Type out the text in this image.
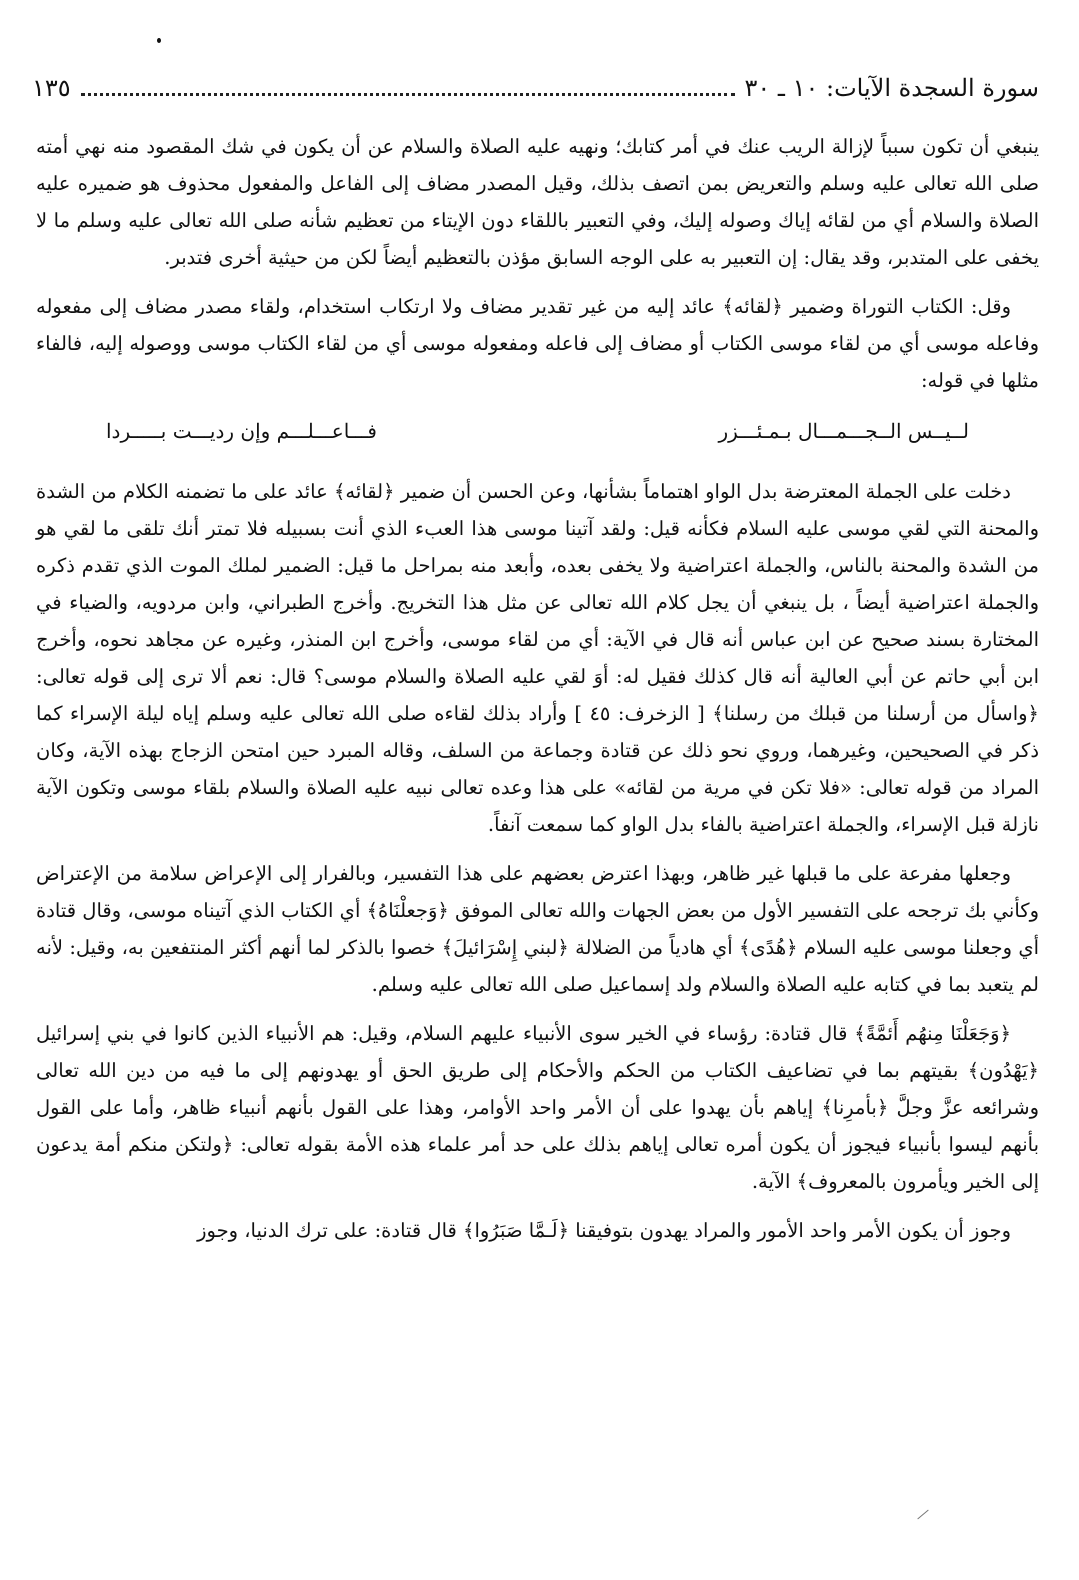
سورة السجدة الآيات: ١٠ ـ ٣٠
١٣٥

ينبغي أن تكون سبباً لإزالة الريب عنك في أمر كتابك؛ ونهيه عليه الصلاة والسلام عن أن يكون في شك المقصود منه نهي أمته صلى الله تعالى عليه وسلم والتعريض بمن اتصف بذلك، وقيل المصدر مضاف إلى الفاعل والمفعول محذوف هو ضميره عليه الصلاة والسلام أي من لقائه إياك وصوله إليك، وفي التعبير باللقاء دون الإيتاء من تعظيم شأنه صلى الله تعالى عليه وسلم ما لا يخفى على المتدبر، وقد يقال: إن التعبير به على الوجه السابق مؤذن بالتعظيم أيضاً لكن من حيثية أخرى فتدبر.

وقل: الكتاب التوراة وضمير ﴿لقائه﴾ عائد إليه من غير تقدير مضاف ولا ارتكاب استخدام، ولقاء مصدر مضاف إلى مفعوله وفاعله موسى أي من لقاء موسى الكتاب أو مضاف إلى فاعله ومفعوله موسى أي من لقاء الكتاب موسى ووصوله إليه، فالفاء مثلها في قوله:

لــيــس الــجـــمـــال بـمـئـــزر
فـــاعـــلـــم وإن رديـــت بـــــردا

دخلت على الجملة المعترضة بدل الواو اهتماماً بشأنها، وعن الحسن أن ضمير ﴿لقائه﴾ عائد على ما تضمنه الكلام من الشدة والمحنة التي لقي موسى عليه السلام فكأنه قيل: ولقد آتينا موسى هذا العبء الذي أنت بسبيله فلا تمتر أنك تلقى ما لقي هو من الشدة والمحنة بالناس، والجملة اعتراضية ولا يخفى بعده، وأبعد منه بمراحل ما قيل: الضمير لملك الموت الذي تقدم ذكره والجملة اعتراضية أيضاً ، بل ينبغي أن يجل كلام الله تعالى عن مثل هذا التخريج. وأخرج الطبراني، وابن مردويه، والضياء في المختارة بسند صحيح عن ابن عباس أنه قال في الآية: أي من لقاء موسى، وأخرج ابن المنذر، وغيره عن مجاهد نحوه، وأخرج ابن أبي حاتم عن أبي العالية أنه قال كذلك فقيل له: أوَ لقي عليه الصلاة والسلام موسى؟ قال: نعم ألا ترى إلى قوله تعالى: ﴿واسأل من أرسلنا من قبلك من رسلنا﴾ [ الزخرف: ٤٥ ] وأراد بذلك لقاءه صلى الله تعالى عليه وسلم إياه ليلة الإسراء كما ذكر في الصحيحين، وغيرهما، وروي نحو ذلك عن قتادة وجماعة من السلف، وقاله المبرد حين امتحن الزجاج بهذه الآية، وكان المراد من قوله تعالى: «فلا تكن في مرية من لقائه» على هذا وعده تعالى نبيه عليه الصلاة والسلام بلقاء موسى وتكون الآية نازلة قبل الإسراء، والجملة اعتراضية بالفاء بدل الواو كما سمعت آنفاً.

وجعلها مفرعة على ما قبلها غير ظاهر، وبهذا اعترض بعضهم على هذا التفسير، وبالفرار إلى الإعراض سلامة من الإعتراض وكأني بك ترجحه على التفسير الأول من بعض الجهات والله تعالى الموفق ﴿وَجعلْنَاهُ﴾ أي الكتاب الذي آتيناه موسى، وقال قتادة أي وجعلنا موسى عليه السلام ﴿هُدًى﴾ أي هادياً من الضلالة ﴿لبني إِسْرَائيلَ﴾ خصوا بالذكر لما أنهم أكثر المنتفعين به، وقيل: لأنه لم يتعبد بما في كتابه عليه الصلاة والسلام ولد إسماعيل صلى الله تعالى عليه وسلم.

﴿وَجَعَلْنَا مِنهُم أَئمَّةً﴾ قال قتادة: رؤساء في الخير سوى الأنبياء عليهم السلام، وقيل: هم الأنبياء الذين كانوا في بني إسرائيل ﴿يَهْدُون﴾ بقيتهم بما في تضاعيف الكتاب من الحكم والأحكام إلى طريق الحق أو يهدونهم إلى ما فيه من دين الله تعالى وشرائعه عزَّ وجلَّ ﴿بأمرِنا﴾ إياهم بأن يهدوا على أن الأمر واحد الأوامر، وهذا على القول بأنهم أنبياء ظاهر، وأما على القول بأنهم ليسوا بأنبياء فيجوز أن يكون أمره تعالى إياهم بذلك على حد أمر علماء هذه الأمة بقوله تعالى: ﴿ولتكن منكم أمة يدعون إلى الخير ويأمرون بالمعروف﴾ الآية.

وجوز أن يكون الأمر واحد الأمور والمراد يهدون بتوفيقنا ﴿لَـمَّا صَبَرُوا﴾ قال قتادة: على ترك الدنيا، وجوز
